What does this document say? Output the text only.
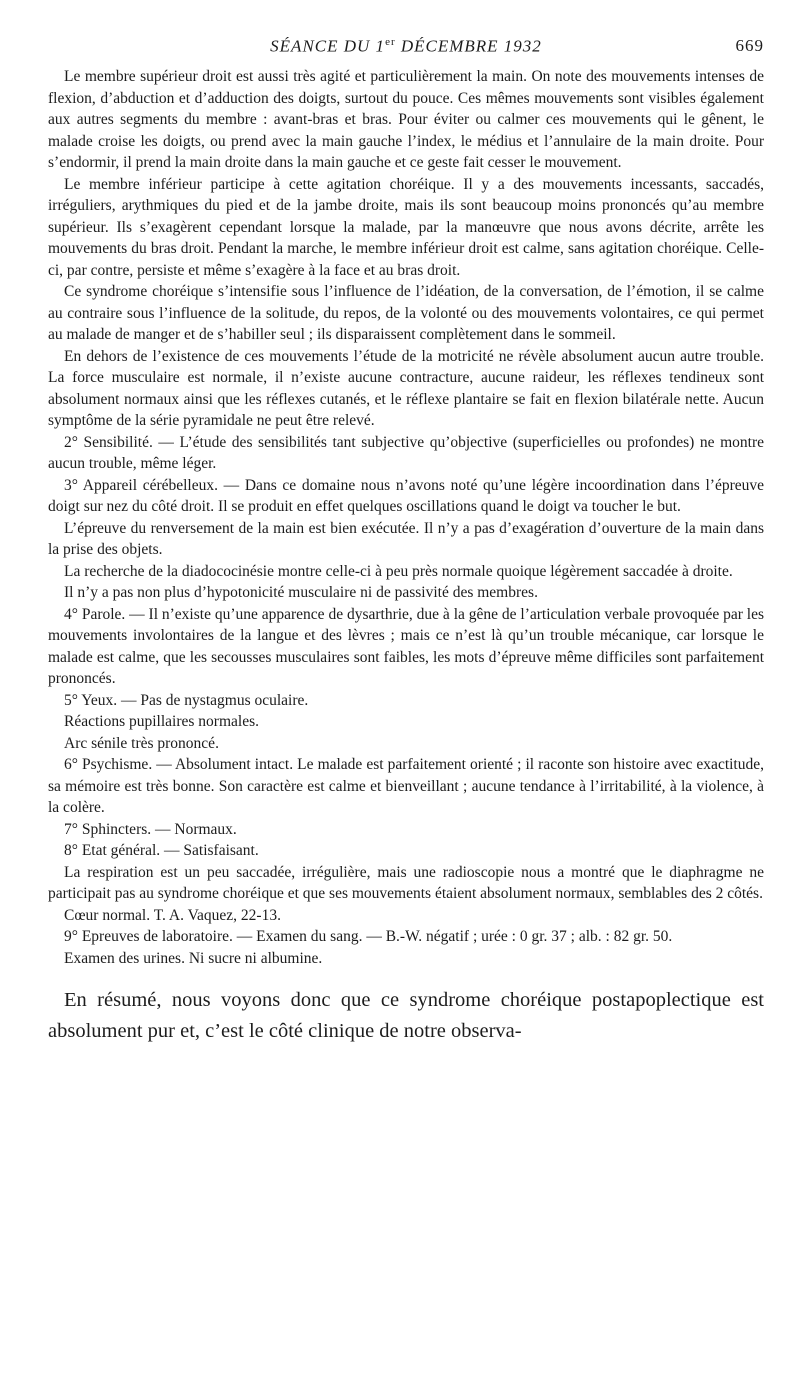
SÉANCE DU 1er DÉCEMBRE 1932	669

Le membre supérieur droit est aussi très agité et particulièrement la main. On note des mouvements intenses de flexion, d’abduction et d’adduction des doigts, surtout du pouce. Ces mêmes mouvements sont visibles également aux autres segments du membre : avant-bras et bras. Pour éviter ou calmer ces mouvements qui le gênent, le malade croise les doigts, ou prend avec la main gauche l’index, le médius et l’annulaire de la main droite. Pour s’endormir, il prend la main droite dans la main gauche et ce geste fait cesser le mouvement.

Le membre inférieur participe à cette agitation choréique. Il y a des mouvements incessants, saccadés, irréguliers, arythmiques du pied et de la jambe droite, mais ils sont beaucoup moins prononcés qu’au membre supérieur. Ils s’exagèrent cependant lorsque la malade, par la manœuvre que nous avons décrite, arrête les mouvements du bras droit. Pendant la marche, le membre inférieur droit est calme, sans agitation choréique. Celle-ci, par contre, persiste et même s’exagère à la face et au bras droit.

Ce syndrome choréique s’intensifie sous l’influence de l’idéation, de la conversation, de l’émotion, il se calme au contraire sous l’influence de la solitude, du repos, de la volonté ou des mouvements volontaires, ce qui permet au malade de manger et de s’habiller seul ; ils disparaissent complètement dans le sommeil.

En dehors de l’existence de ces mouvements l’étude de la motricité ne révèle absolument aucun autre trouble. La force musculaire est normale, il n’existe aucune contracture, aucune raideur, les réflexes tendineux sont absolument normaux ainsi que les réflexes cutanés, et le réflexe plantaire se fait en flexion bilatérale nette. Aucun symptôme de la série pyramidale ne peut être relevé.

2° Sensibilité. — L’étude des sensibilités tant subjective qu’objective (superficielles ou profondes) ne montre aucun trouble, même léger.

3° Appareil cérébelleux. — Dans ce domaine nous n’avons noté qu’une légère incoordination dans l’épreuve doigt sur nez du côté droit. Il se produit en effet quelques oscillations quand le doigt va toucher le but.

L’épreuve du renversement de la main est bien exécutée. Il n’y a pas d’exagération d’ouverture de la main dans la prise des objets.

La recherche de la diadococinésie montre celle-ci à peu près normale quoique légèrement saccadée à droite.

Il n’y a pas non plus d’hypotonicité musculaire ni de passivité des membres.

4° Parole. — Il n’existe qu’une apparence de dysarthrie, due à la gêne de l’articulation verbale provoquée par les mouvements involontaires de la langue et des lèvres ; mais ce n’est là qu’un trouble mécanique, car lorsque le malade est calme, que les secousses musculaires sont faibles, les mots d’épreuve même difficiles sont parfaitement prononcés.

5° Yeux. — Pas de nystagmus oculaire.

Réactions pupillaires normales.

Arc sénile très prononcé.

6° Psychisme. — Absolument intact. Le malade est parfaitement orienté ; il raconte son histoire avec exactitude, sa mémoire est très bonne. Son caractère est calme et bienveillant ; aucune tendance à l’irritabilité, à la violence, à la colère.

7° Sphincters. — Normaux.

8° Etat général. — Satisfaisant.

La respiration est un peu saccadée, irrégulière, mais une radioscopie nous a montré que le diaphragme ne participait pas au syndrome choréique et que ses mouvements étaient absolument normaux, semblables des 2 côtés.

Cœur normal. T. A. Vaquez, 22-13.

9° Epreuves de laboratoire. — Examen du sang. — B.-W. négatif ; urée : 0 gr. 37 ; alb. : 82 gr. 50.

Examen des urines. Ni sucre ni albumine.

En résumé, nous voyons donc que ce syndrome choréique postapoplectique est absolument pur et, c’est le côté clinique de notre observa-
